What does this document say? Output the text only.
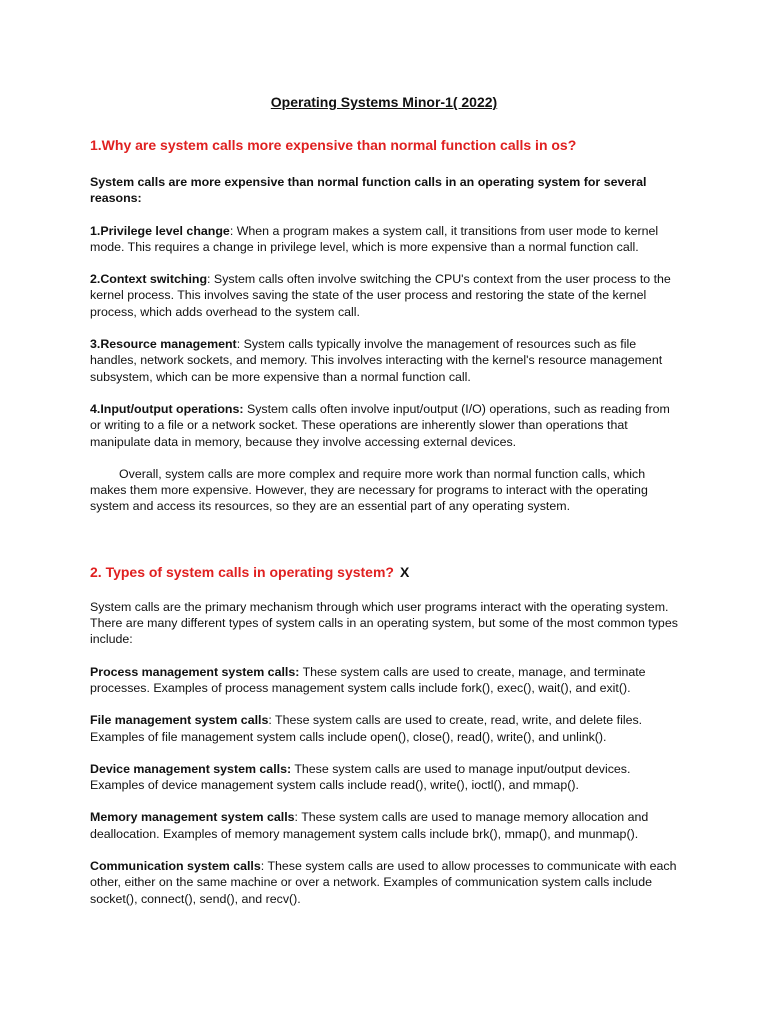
Operating Systems Minor-1( 2022)

1.Why are system calls more expensive than normal function calls in os?

System calls are more expensive than normal function calls in an operating system for several reasons:

1.Privilege level change: When a program makes a system call, it transitions from user mode to kernel mode. This requires a change in privilege level, which is more expensive than a normal function call.

2.Context switching: System calls often involve switching the CPU's context from the user process to the kernel process. This involves saving the state of the user process and restoring the state of the kernel process, which adds overhead to the system call.

3.Resource management: System calls typically involve the management of resources such as file handles, network sockets, and memory. This involves interacting with the kernel's resource management subsystem, which can be more expensive than a normal function call.

4.Input/output operations: System calls often involve input/output (I/O) operations, such as reading from or writing to a file or a network socket. These operations are inherently slower than operations that manipulate data in memory, because they involve accessing external devices.

Overall, system calls are more complex and require more work than normal function calls, which makes them more expensive. However, they are necessary for programs to interact with the operating system and access its resources, so they are an essential part of any operating system.

2. Types of system calls in operating system? X

System calls are the primary mechanism through which user programs interact with the operating system. There are many different types of system calls in an operating system, but some of the most common types include:

Process management system calls: These system calls are used to create, manage, and terminate processes. Examples of process management system calls include fork(), exec(), wait(), and exit().

File management system calls: These system calls are used to create, read, write, and delete files. Examples of file management system calls include open(), close(), read(), write(), and unlink().

Device management system calls: These system calls are used to manage input/output devices. Examples of device management system calls include read(), write(), ioctl(), and mmap().

Memory management system calls: These system calls are used to manage memory allocation and deallocation. Examples of memory management system calls include brk(), mmap(), and munmap().

Communication system calls: These system calls are used to allow processes to communicate with each other, either on the same machine or over a network. Examples of communication system calls include socket(), connect(), send(), and recv().
